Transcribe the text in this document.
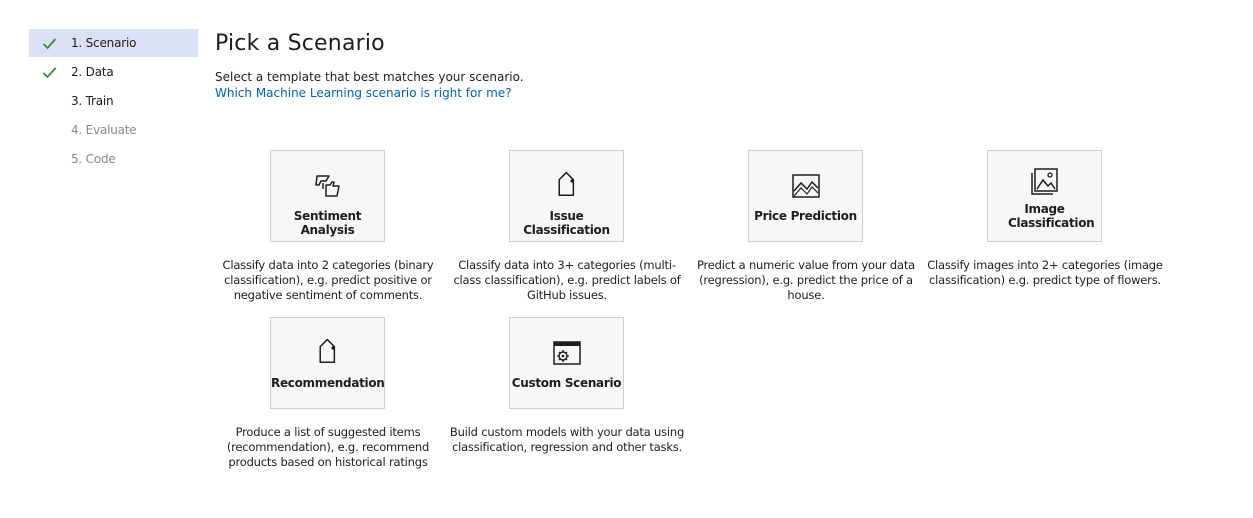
1. Scenario
2. Data
3. Train
4. Evaluate
5. Code
Pick a Scenario
Select a template that best matches your scenario.
Which Machine Learning scenario is right for me?
Sentiment Analysis
Classify data into 2 categories (binary classification), e.g. predict positive or negative sentiment of comments.
Issue Classification
Classify data into 3+ categories (multi-class classification), e.g. predict labels of GitHub issues.
Price Prediction
Predict a numeric value from your data (regression), e.g. predict the price of a house.
Image Classification
Classify images into 2+ categories (image classification) e.g. predict type of flowers.
Recommendation
Produce a list of suggested items (recommendation), e.g. recommend products based on historical ratings
Custom Scenario
Build custom models with your data using classification, regression and other tasks.
